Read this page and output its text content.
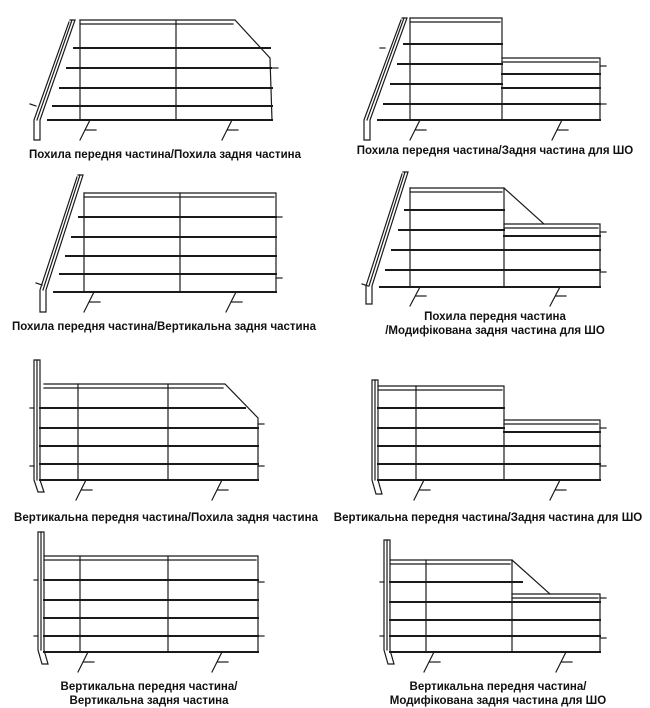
Похила передня частина/Похила задня частина	Похила передня частина/Задня частина для ШО
Похила передня частина/Вертикальна задня частина
Похила передня частина
/Модифікована задня частина для ШО
Вертикальна передня частина/Похила задня частина	Вертикальна передня частина/Задня частина для ШО
Вертикальна передня частина/
Вертикальна задня частина
Вертикальна передня частина/
Модифікована задня частина для ШО
